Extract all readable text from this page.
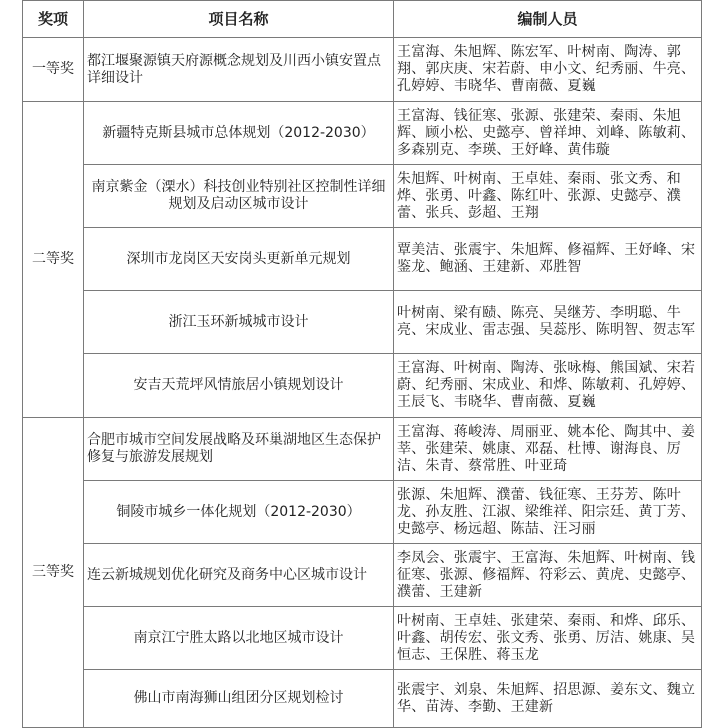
奖项	项目名称	编制人员
一等奖	都江堰聚源镇天府源概念规划及川西小镇安置点详细设计	王富海、朱旭辉、陈宏军、叶树南、陶涛、郭翔、郭庆庚、宋若蔚、申小文、纪秀丽、牛亮、孔婷婷、韦晓华、曹南薇、夏巍
二等奖	新疆特克斯县城市总体规划（2012-2030）	王富海、钱征寒、张源、张建荣、秦雨、朱旭辉、顾小松、史懿亭、曾祥坤、刘峰、陈敏莉、多森别克、李瑛、王妤峰、黄伟璇
	南京紫金（溧水）科技创业特别社区控制性详细规划及启动区城市设计	朱旭辉、叶树南、王卓娃、秦雨、张文秀、和烨、张勇、叶鑫、陈红叶、张源、史懿亭、濮蕾、张兵、彭超、王翔
	深圳市龙岗区天安岗头更新单元规划	覃美洁、张震宇、朱旭辉、修福辉、王妤峰、宋鉴龙、鲍涵、王建新、邓胜智
	浙江玉环新城城市设计	叶树南、梁有赜、陈亮、吴继芳、李明聪、牛亮、宋成业、雷志强、吴蕊彤、陈明智、贺志军
	安吉天荒坪风情旅居小镇规划设计	王富海、叶树南、陶涛、张咏梅、熊国斌、宋若蔚、纪秀丽、宋成业、和烨、陈敏莉、孔婷婷、王辰飞、韦晓华、曹南薇、夏巍
三等奖	合肥市城市空间发展战略及环巢湖地区生态保护修复与旅游发展规划	王富海、蒋峻涛、周丽亚、姚本伦、陶其中、姜莘、张建荣、姚康、邓磊、杜博、谢海良、厉洁、朱青、蔡常胜、叶亚琦
	铜陵市城乡一体化规划（2012-2030）	张源、朱旭辉、濮蕾、钱征寒、王芬芳、陈叶龙、孙友胜、江淑、梁维祥、阳宗廷、黄丁芳、史懿亭、杨远超、陈喆、汪习丽
	连云新城规划优化研究及商务中心区城市设计	李凤会、张震宇、王富海、朱旭辉、叶树南、钱征寒、张源、修福辉、符彩云、黄虎、史懿亭、濮蕾、王建新
	南京江宁胜太路以北地区城市设计	叶树南、王卓娃、张建荣、秦雨、和烨、邱乐、叶鑫、胡传宏、张文秀、张勇、厉洁、姚康、吴恒志、王保胜、蒋玉龙
	佛山市南海狮山组团分区规划检讨	张震宇、刘泉、朱旭辉、招思源、姜东文、魏立华、苗涛、李勤、王建新
